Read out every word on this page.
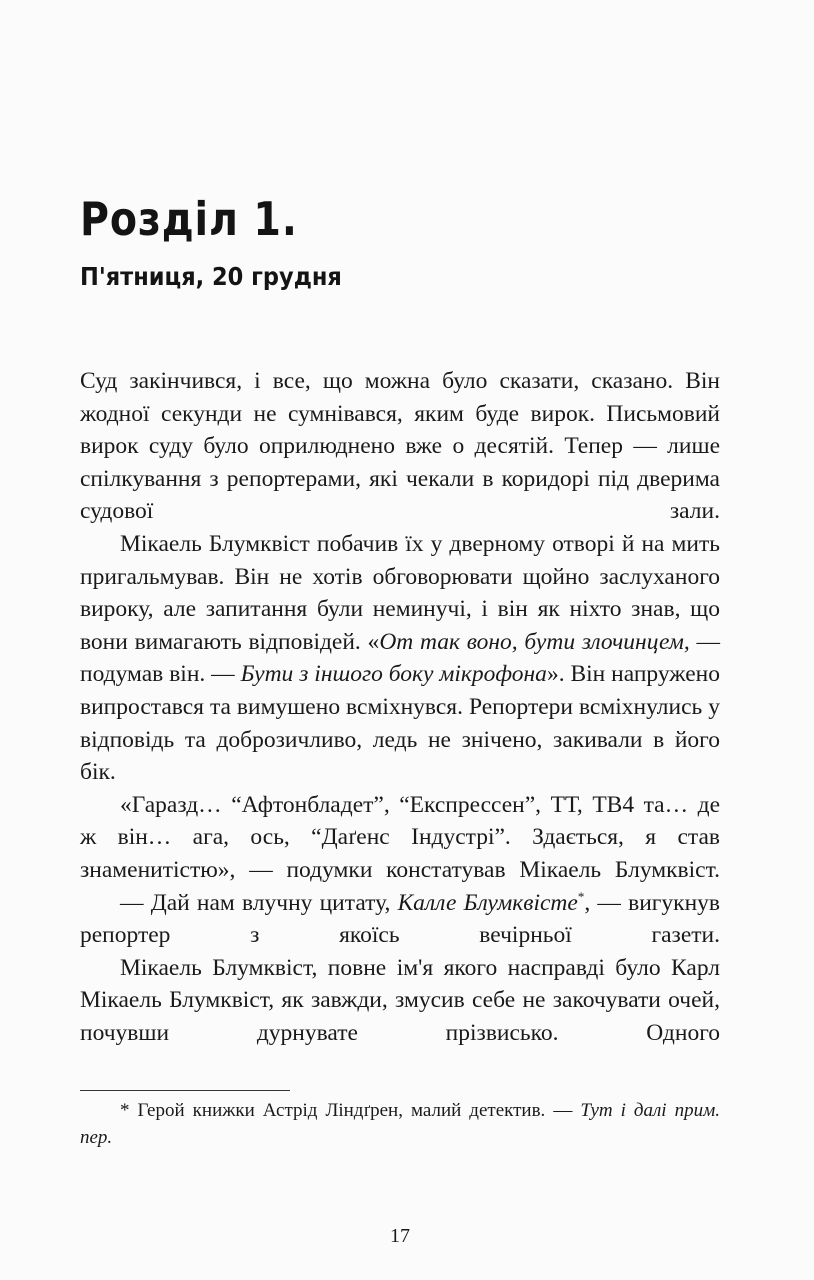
Розділ 1.
П'ятниця, 20 грудня

Суд закінчився, і все, що можна було сказати, сказано. Він жодної секунди не сумнівався, яким буде вирок. Письмовий вирок суду було оприлюднено вже о десятій. Тепер — лише спілкування з репортерами, які чекали в коридорі під дверима судової зали.

Мікаель Блумквіст побачив їх у дверному отворі й на мить пригальмував. Він не хотів обговорювати щойно заслуханого вироку, але запитання були неминучі, і він як ніхто знав, що вони вимагають відповідей. «От так воно, бути злочинцем, — подумав він. — Бути з іншого боку мікрофона». Він напружено випростався та вимушено всміхнувся. Репортери всміхнулись у відповідь та доброзичливо, ледь не знічено, закивали в його бік.

«Гаразд… “Афтонбладет”, “Експрессен”, ТТ, ТВ4 та… де ж він… ага, ось, “Даґенс Індустрі”. Здається, я став знаменитістю», — подумки констатував Мікаель Блумквіст.

— Дай нам влучну цитату, Калле Блумквісте*, — вигукнув репортер з якоїсь вечірньої газети.

Мікаель Блумквіст, повне ім'я якого насправді було Карл Мікаель Блумквіст, як завжди, змусив себе не закочувати очей, почувши дурнувате прізвисько. Одного

* Герой книжки Астрід Ліндґрен, малий детектив. — Тут і далі прим. пер.

17
